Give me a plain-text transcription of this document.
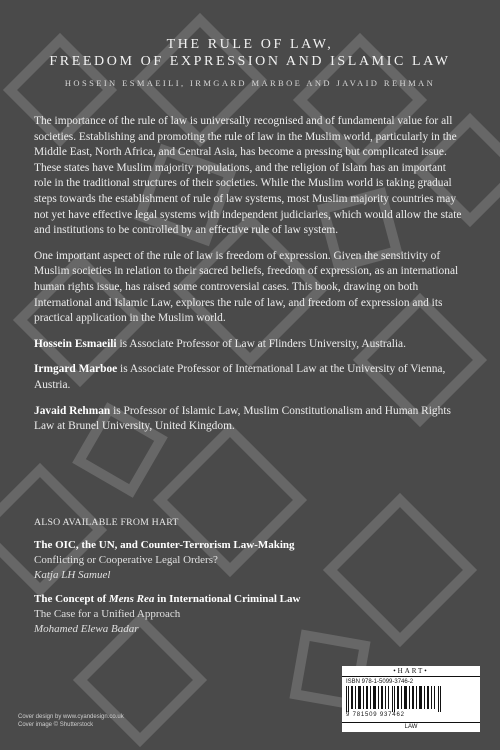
THE RULE OF LAW,
FREEDOM OF EXPRESSION AND ISLAMIC LAW
HOSSEIN ESMAEILI, IRMGARD MARBOE AND JAVAID REHMAN

The importance of the rule of law is universally recognised and of fundamental value for all societies. Establishing and promoting the rule of law in the Muslim world, particularly in the Middle East, North Africa, and Central Asia, has become a pressing but complicated issue. These states have Muslim majority populations, and the religion of Islam has an important role in the traditional structures of their societies. While the Muslim world is taking gradual steps towards the establishment of rule of law systems, most Muslim majority countries may not yet have effective legal systems with independent judiciaries, which would allow the state and institutions to be controlled by an effective rule of law system.

One important aspect of the rule of law is freedom of expression. Given the sensitivity of Muslim societies in relation to their sacred beliefs, freedom of expression, as an international human rights issue, has raised some controversial cases. This book, drawing on both International and Islamic Law, explores the rule of law, and freedom of expression and its practical application in the Muslim world.

Hossein Esmaeili is Associate Professor of Law at Flinders University, Australia.

Irmgard Marboe is Associate Professor of International Law at the University of Vienna, Austria.

Javaid Rehman is Professor of Islamic Law, Muslim Constitutionalism and Human Rights Law at Brunel University, United Kingdom.

ALSO AVAILABLE FROM HART
The OIC, the UN, and Counter-Terrorism Law-Making
Conflicting or Cooperative Legal Orders?
Katja LH Samuel
The Concept of Mens Rea in International Criminal Law
The Case for a Unified Approach
Mohamed Elewa Badar
Cover design by www.cyandesign.co.uk
Cover image © Shutterstock
•HART•
ISBN 978-1-5099-3746-2
9 781509 937462
LAW
